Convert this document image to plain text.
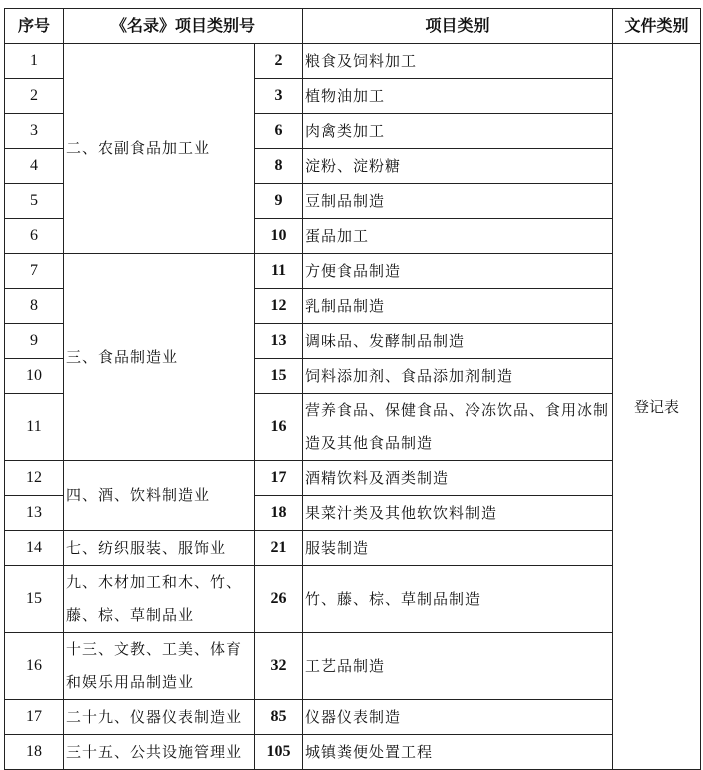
序号	《名录》项目类别号		项目类别	文件类别
1	二、农副食品加工业	2	粮食及饲料加工	登记表
2		3	植物油加工	
3		6	肉禽类加工	
4		8	淀粉、淀粉糖	
5		9	豆制品制造	
6		10	蛋品加工	
7	三、食品制造业	11	方便食品制造	
8		12	乳制品制造	
9		13	调味品、发酵制品制造	
10		15	饲料添加剂、食品添加剂制造	
11		16	营养食品、保健食品、冷冻饮品、食用冰制造及其他食品制造	
12	四、酒、饮料制造业	17	酒精饮料及酒类制造	
13		18	果菜汁类及其他软饮料制造	
14	七、纺织服装、服饰业	21	服装制造	
15	九、木材加工和木、竹、藤、棕、草制品业	26	竹、藤、棕、草制品制造	
16	十三、文教、工美、体育和娱乐用品制造业	32	工艺品制造	
17	二十九、仪器仪表制造业	85	仪器仪表制造	
18	三十五、公共设施管理业	105	城镇粪便处置工程	
